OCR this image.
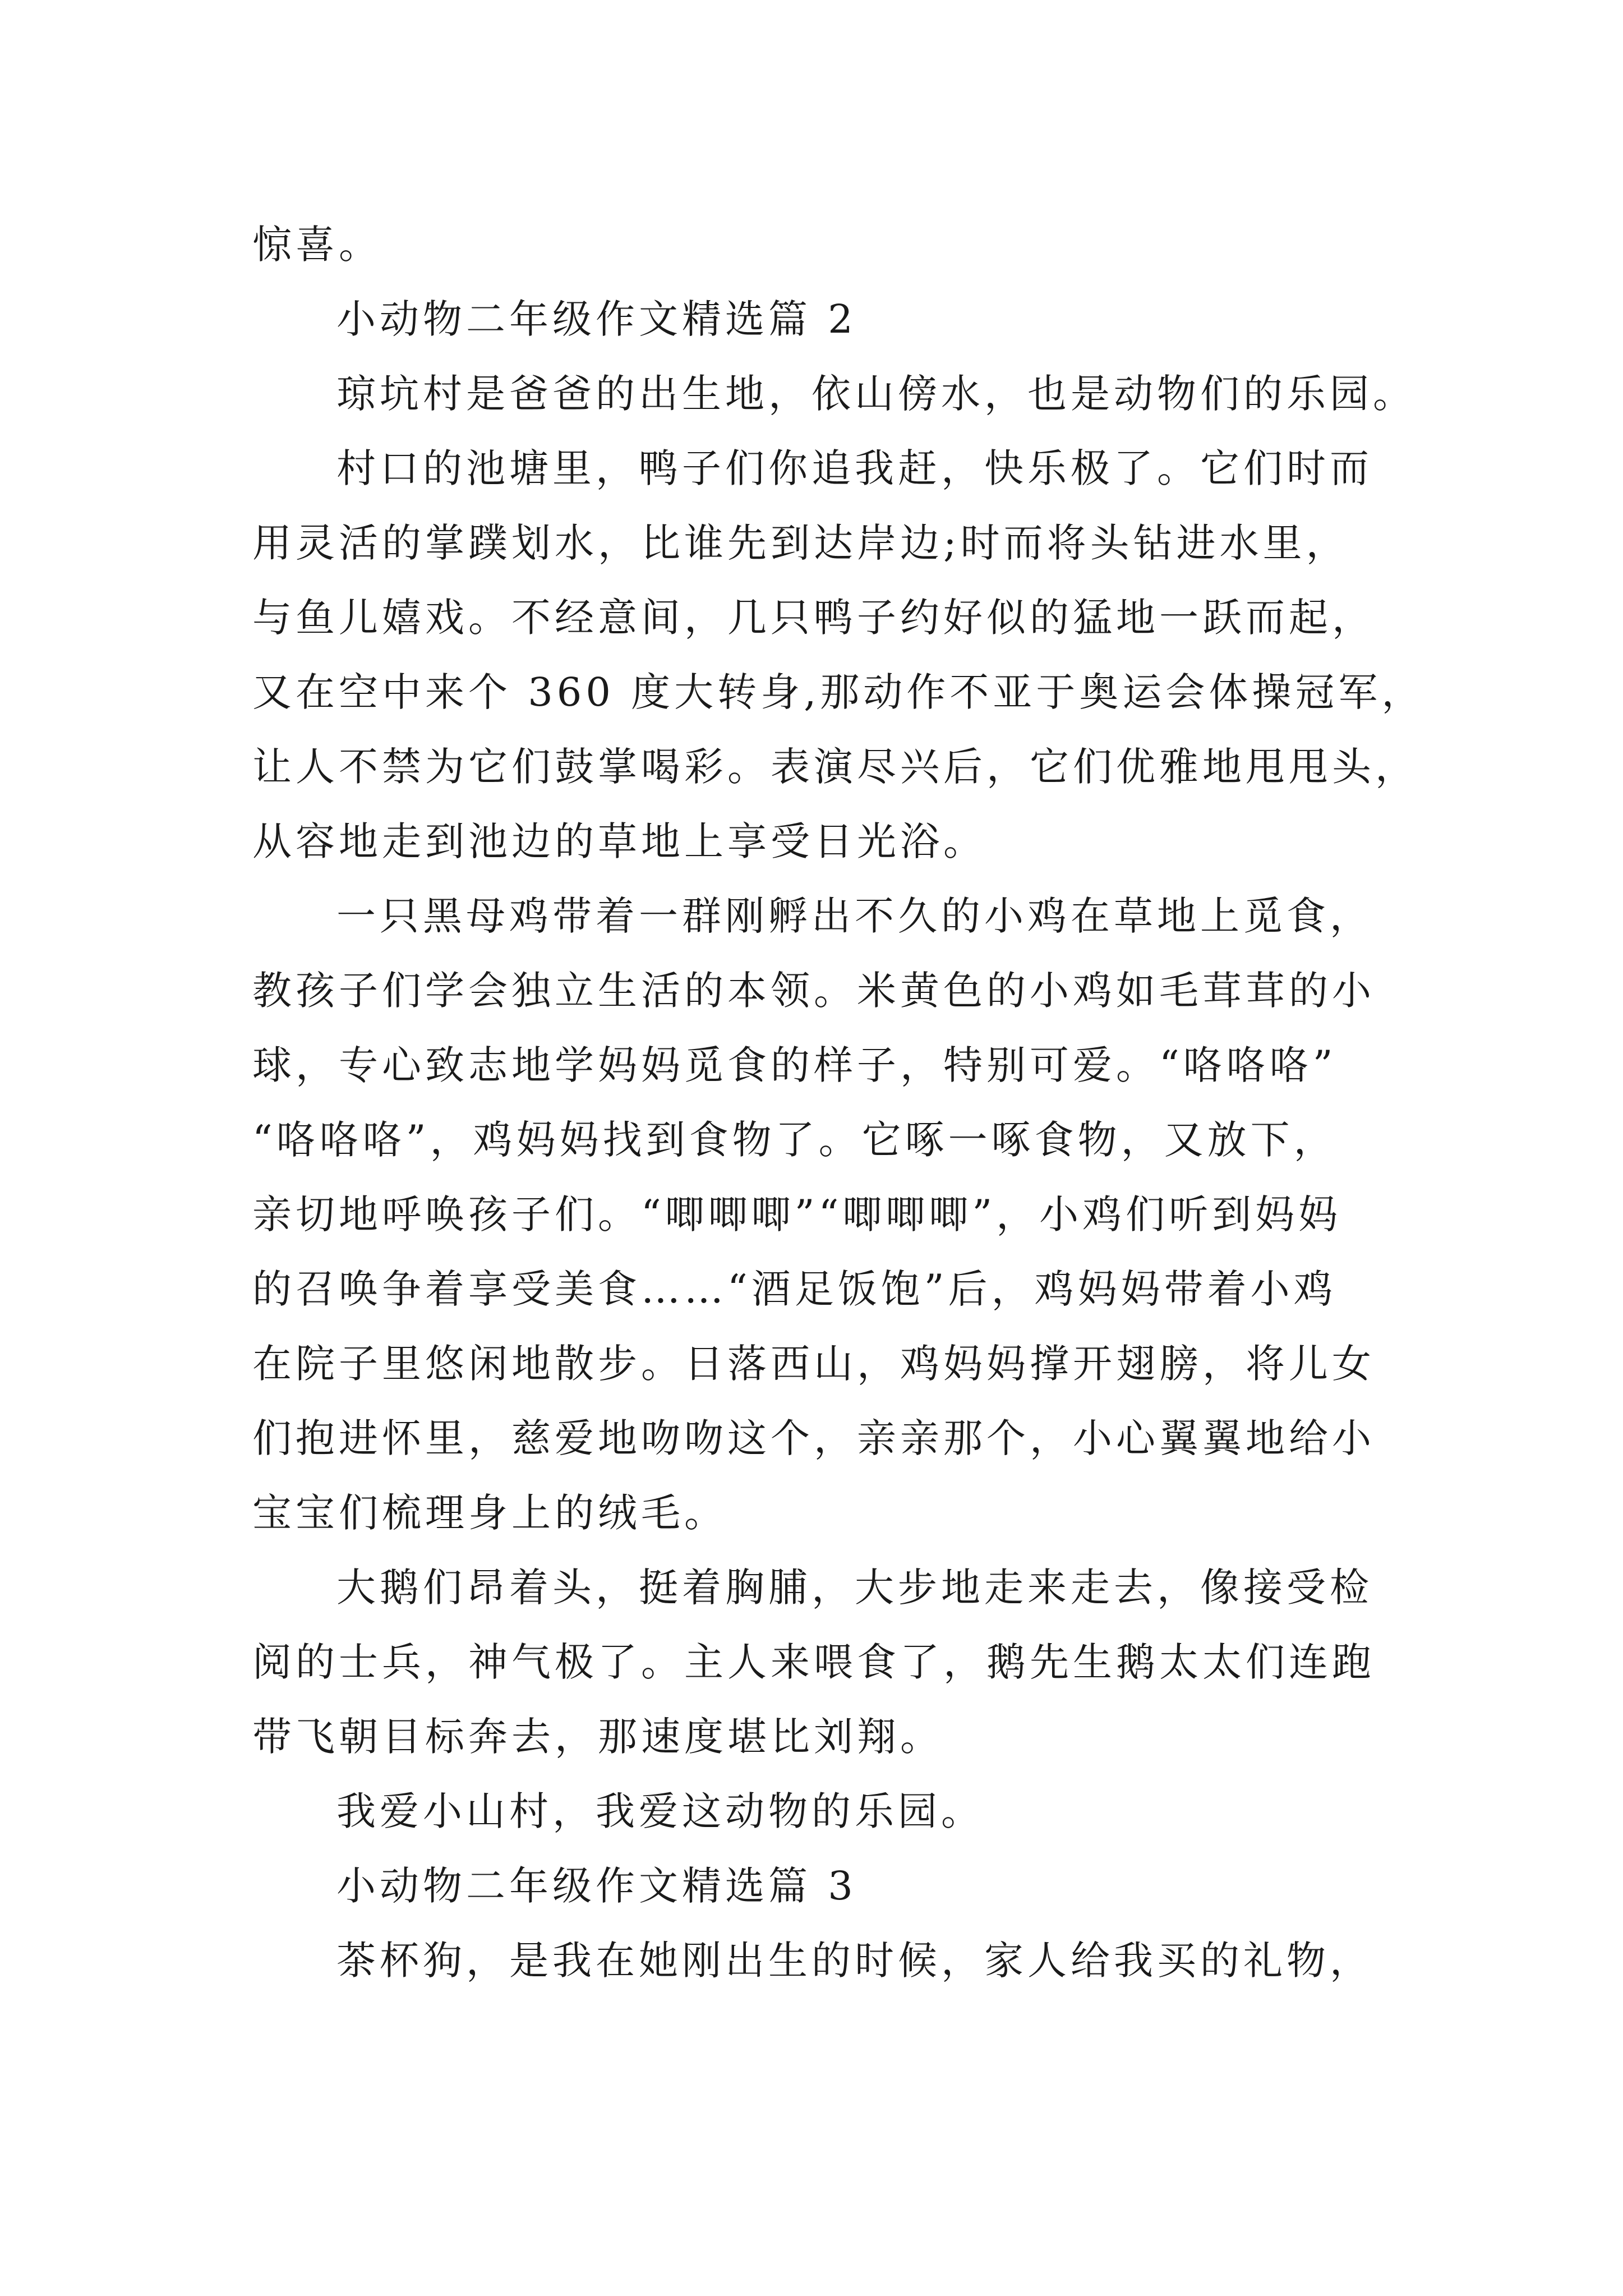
惊喜。
小动物二年级作文精选篇 2
琼坑村是爸爸的出生地，依山傍水，也是动物们的乐园。
村口的池塘里，鸭子们你追我赶，快乐极了。它们时而
用灵活的掌蹼划水，比谁先到达岸边;时而将头钻进水里，
与鱼儿嬉戏。不经意间，几只鸭子约好似的猛地一跃而起，
又在空中来个 360 度大转身,那动作不亚于奥运会体操冠军，
让人不禁为它们鼓掌喝彩。表演尽兴后，它们优雅地甩甩头，
从容地走到池边的草地上享受日光浴。
一只黑母鸡带着一群刚孵出不久的小鸡在草地上觅食，
教孩子们学会独立生活的本领。米黄色的小鸡如毛茸茸的小
球，专心致志地学妈妈觅食的样子，特别可爱。“咯咯咯”
“咯咯咯”，鸡妈妈找到食物了。它啄一啄食物，又放下，
亲切地呼唤孩子们。“唧唧唧”“唧唧唧”，小鸡们听到妈妈
的召唤争着享受美食……“酒足饭饱”后，鸡妈妈带着小鸡
在院子里悠闲地散步。日落西山，鸡妈妈撑开翅膀，将儿女
们抱进怀里，慈爱地吻吻这个，亲亲那个，小心翼翼地给小
宝宝们梳理身上的绒毛。
大鹅们昂着头，挺着胸脯，大步地走来走去，像接受检
阅的士兵，神气极了。主人来喂食了，鹅先生鹅太太们连跑
带飞朝目标奔去，那速度堪比刘翔。
我爱小山村，我爱这动物的乐园。
小动物二年级作文精选篇 3
茶杯狗，是我在她刚出生的时候，家人给我买的礼物，
